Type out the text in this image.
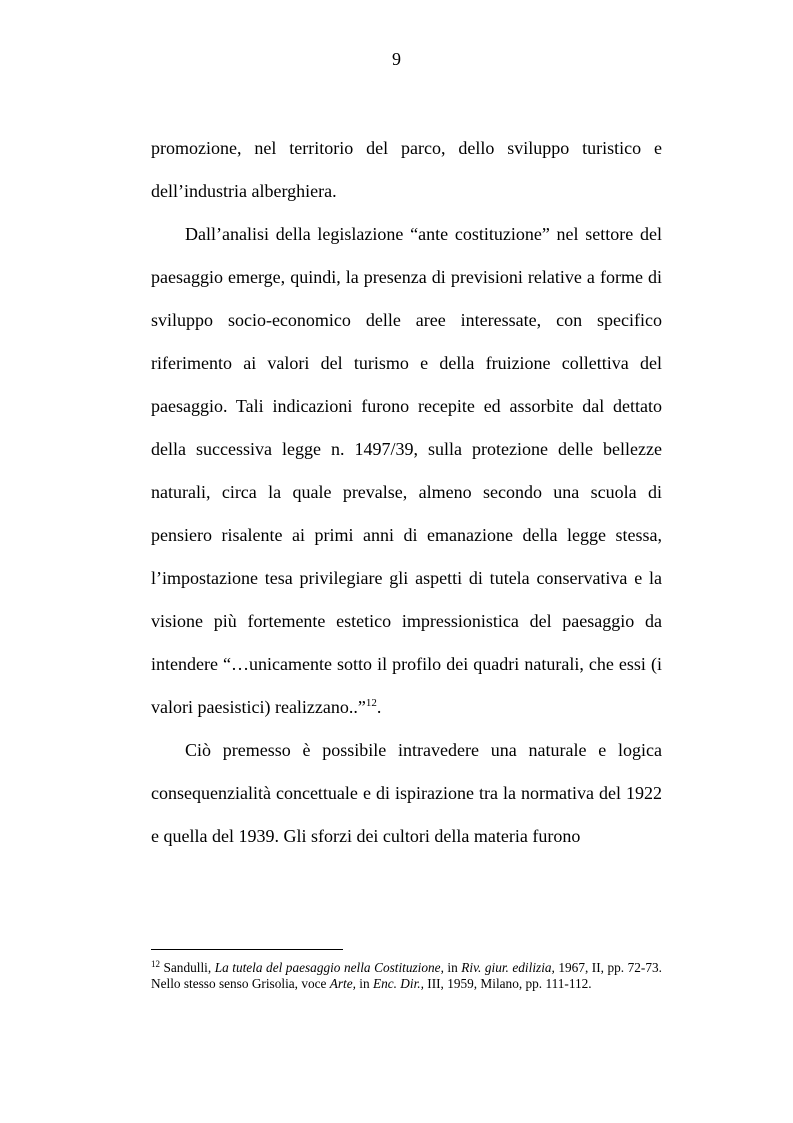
9

promozione, nel territorio del parco, dello sviluppo turistico e dell’industria alberghiera.

Dall’analisi della legislazione “ante costituzione” nel settore del paesaggio emerge, quindi, la presenza di previsioni relative a forme di sviluppo socio-economico delle aree interessate, con specifico riferimento ai valori del turismo e della fruizione collettiva del paesaggio. Tali indicazioni furono recepite ed assorbite dal dettato della successiva legge n. 1497/39, sulla protezione delle bellezze naturali, circa la quale prevalse, almeno secondo una scuola di pensiero risalente ai primi anni di emanazione della legge stessa, l’impostazione tesa privilegiare gli aspetti di tutela conservativa e la visione più fortemente estetico impressionistica del paesaggio da intendere “…unicamente sotto il profilo dei quadri naturali, che essi (i valori paesistici) realizzano..”$^{12}$.

Ciò premesso è possibile intravedere una naturale e logica consequenzialità concettuale e di ispirazione tra la normativa del 1922 e quella del 1939. Gli sforzi dei cultori della materia furono

$^{12}$ Sandulli, La tutela del paesaggio nella Costituzione, in Riv. giur. edilizia, 1967, II, pp. 72-73. Nello stesso senso Grisolia, voce Arte, in Enc. Dir., III, 1959, Milano, pp. 111-112.
